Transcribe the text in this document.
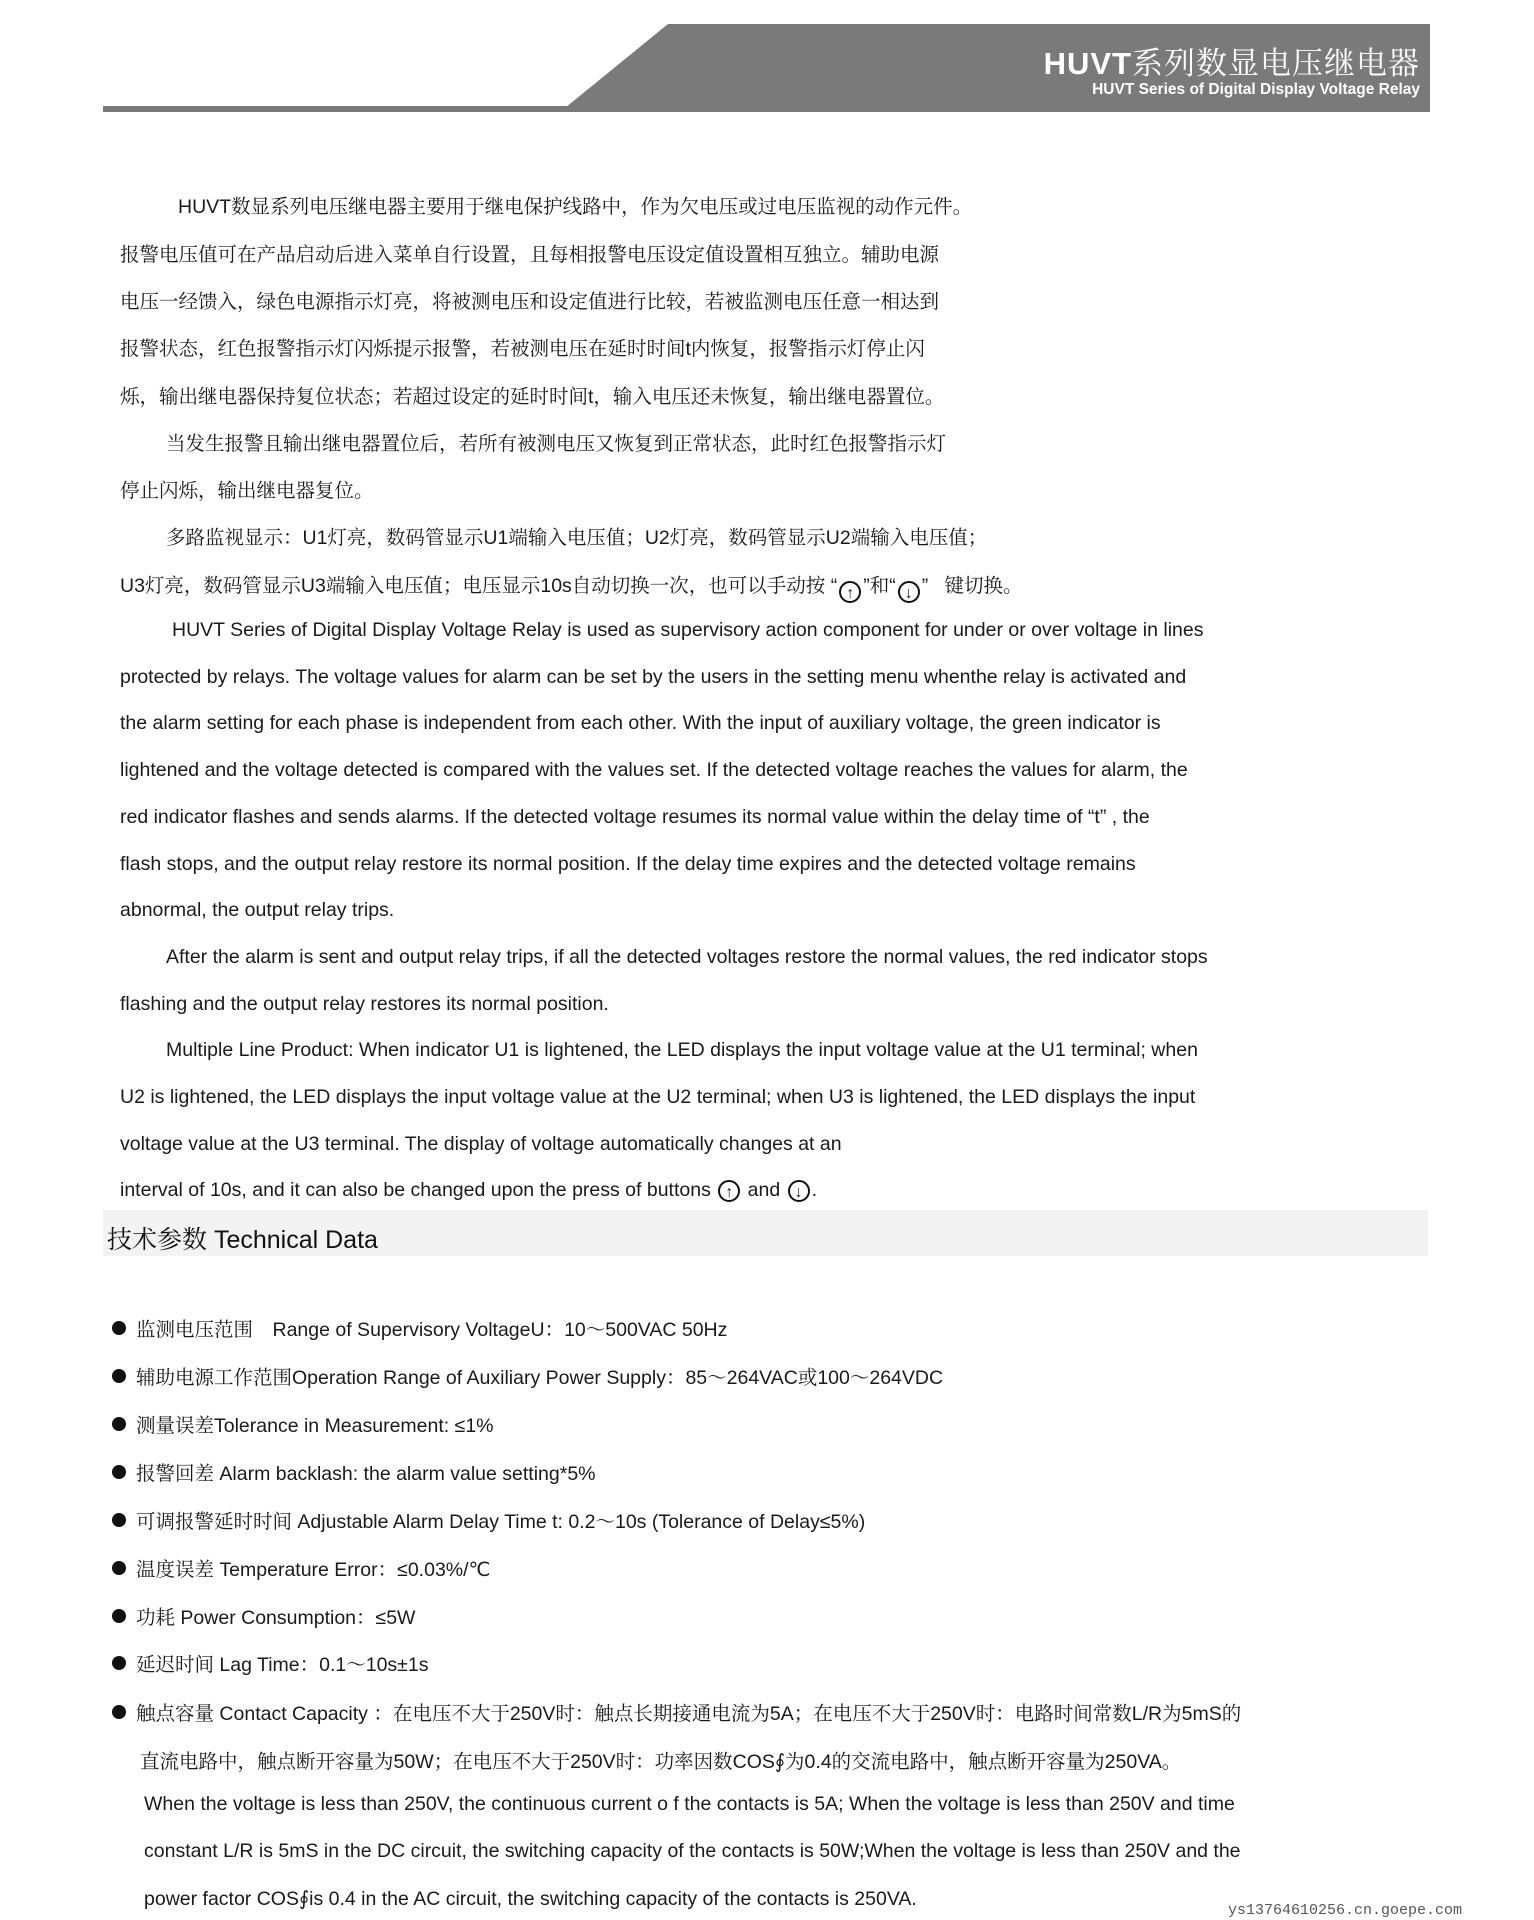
HUVT系列数显电压继电器
HUVT Series of Digital Display Voltage Relay
HUVT数显系列电压继电器主要用于继电保护线路中，作为欠电压或过电压监视的动作元件。
报警电压值可在产品启动后进入菜单自行设置，且每相报警电压设定值设置相互独立。辅助电源
电压一经馈入，绿色电源指示灯亮，将被测电压和设定值进行比较，若被监测电压任意一相达到
报警状态，红色报警指示灯闪烁提示报警，若被测电压在延时时间t内恢复，报警指示灯停止闪
烁，输出继电器保持复位状态；若超过设定的延时时间t，输入电压还未恢复，输出继电器置位。
当发生报警且输出继电器置位后，若所有被测电压又恢复到正常状态，此时红色报警指示灯
停止闪烁，输出继电器复位。
多路监视显示：U1灯亮，数码管显示U1端输入电压值；U2灯亮，数码管显示U2端输入电压值；
U3灯亮，数码管显示U3端输入电压值；电压显示10s自动切换一次，也可以手动按 “ ↑ ”和“ ↓ ” 键切换。
HUVT Series of Digital Display Voltage Relay is used as supervisory action component for under or over voltage in lines
protected by relays. The voltage values for alarm can be set by the users in the setting menu whenthe relay is activated and
the alarm setting for each phase is independent from each other. With the input of auxiliary voltage, the green indicator is
lightened and the voltage detected is compared with the values set. If the detected voltage reaches the values for alarm, the
red indicator flashes and sends alarms. If the detected voltage resumes its normal value within the delay time of “t” , the
flash stops, and the output relay restore its normal position. If the delay time expires and the detected voltage remains
abnormal, the output relay trips.
After the alarm is sent and output relay trips, if all the detected voltages restore the normal values, the red indicator stops
flashing and the output relay restores its normal position.
Multiple Line Product: When indicator U1 is lightened, the LED displays the input voltage value at the U1 terminal; when
U2 is lightened, the LED displays the input voltage value at the U2 terminal; when U3 is lightened, the LED displays the input
voltage value at the U3 terminal. The display of voltage automatically changes at an
interval of 10s, and it can also be changed upon the press of buttons ↑ and ↓ .
技术参数 Technical Data
监测电压范围　Range of Supervisory VoltageU：10～500VAC 50Hz
辅助电源工作范围Operation Range of Auxiliary Power Supply：85～264VAC或100～264VDC
测量误差Tolerance in Measurement: ≤1%
报警回差 Alarm backlash: the alarm value setting*5%
可调报警延时时间 Adjustable Alarm Delay Time t: 0.2～10s (Tolerance of Delay≤5%)
温度误差 Temperature Error：≤0.03%/℃
功耗 Power Consumption：≤5W
延迟时间 Lag Time：0.1～10s±1s
触点容量 Contact Capacity ：在电压不大于250V时：触点长期接通电流为5A；在电压不大于250V时：电路时间常数L/R为5mS的
直流电路中，触点断开容量为50W；在电压不大于250V时：功率因数COS∮为0.4的交流电路中，触点断开容量为250VA。
When the voltage is less than 250V, the continuous current o f the contacts is 5A; When the voltage is less than 250V and time
constant L/R is 5mS in the DC circuit, the switching capacity of the contacts is 50W;When the voltage is less than 250V and the
power factor COS∮is 0.4 in the AC circuit, the switching capacity of the contacts is 250VA.
ys13764610256.cn.goepe.com
